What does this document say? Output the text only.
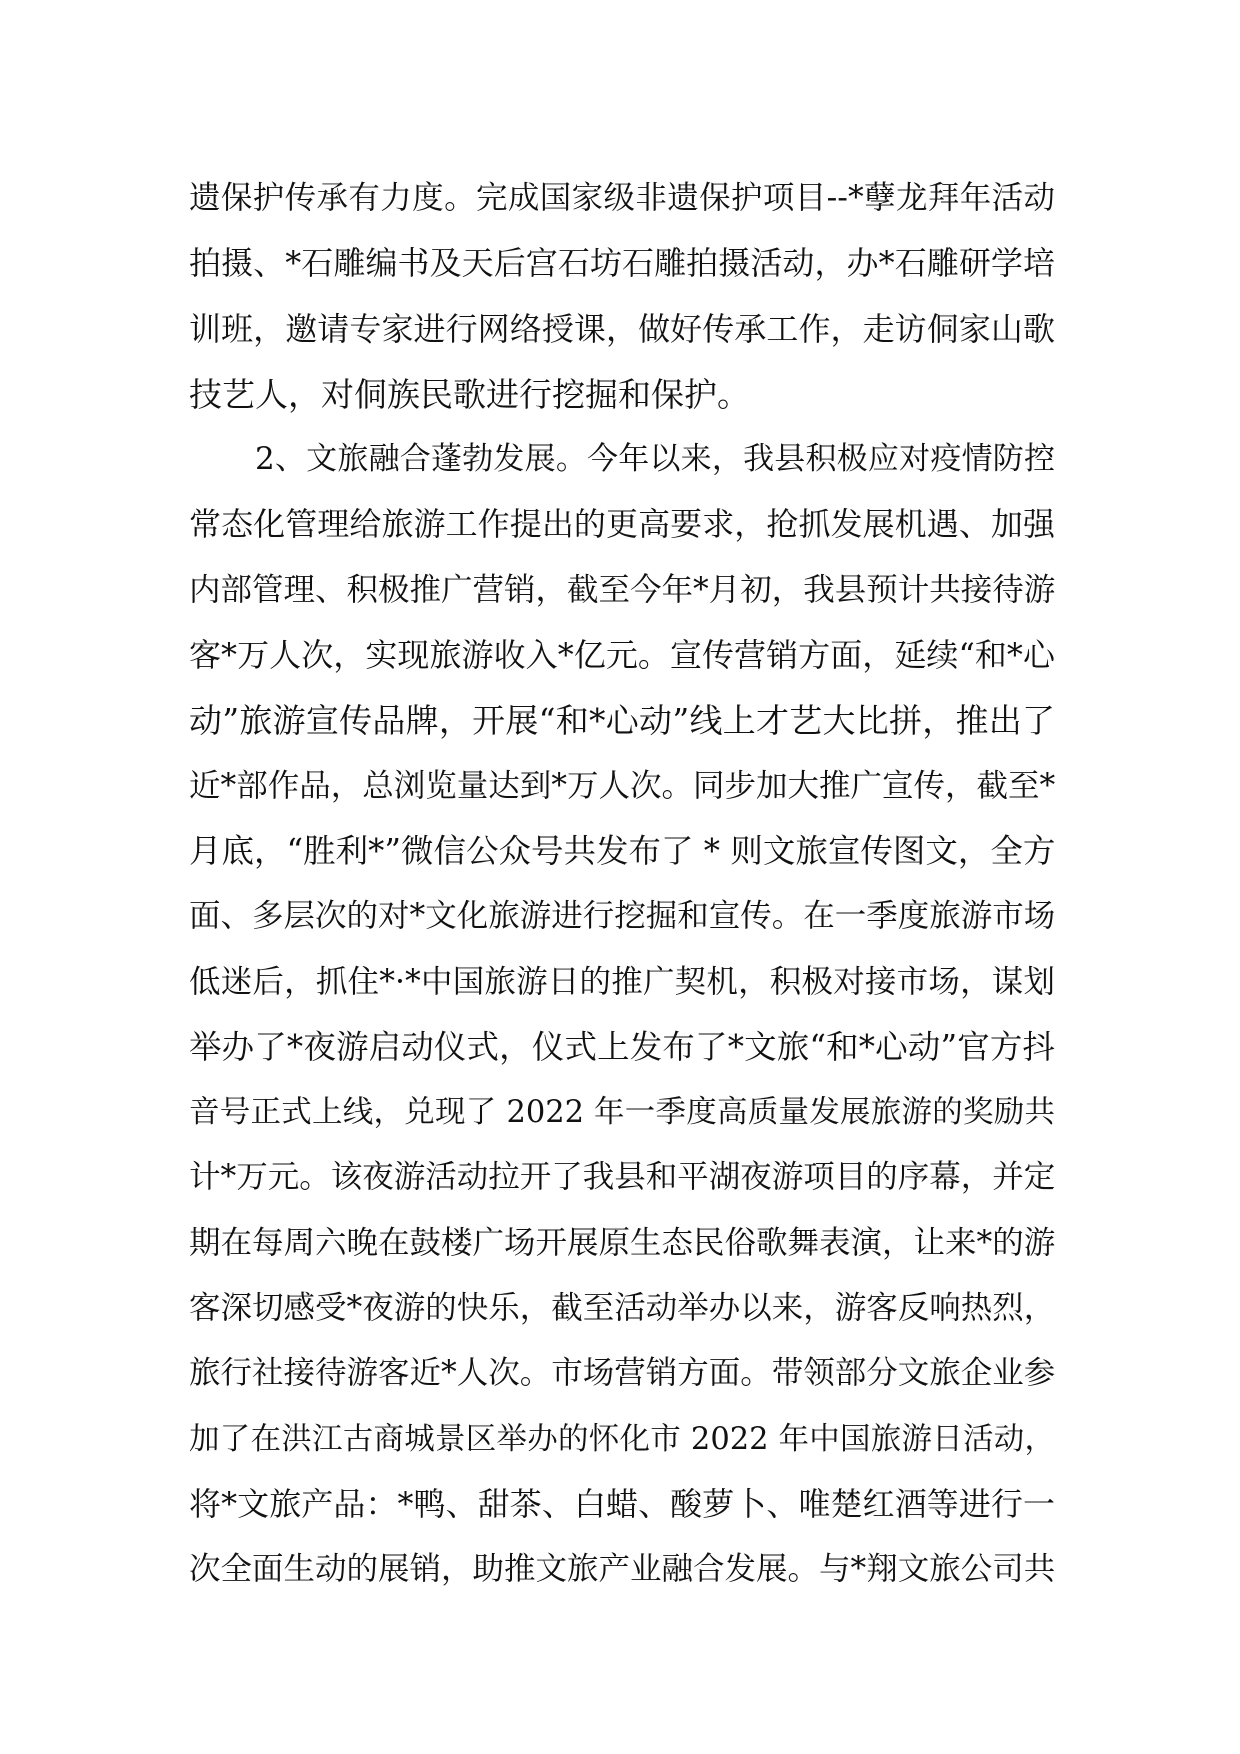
遗保护传承有力度。完成国家级非遗保护项目--*孽龙拜年活动
拍摄、*石雕编书及天后宫石坊石雕拍摄活动，办*石雕研学培
训班，邀请专家进行网络授课，做好传承工作，走访侗家山歌
技艺人，对侗族民歌进行挖掘和保护。
2、文旅融合蓬勃发展。今年以来，我县积极应对疫情防控
常态化管理给旅游工作提出的更高要求，抢抓发展机遇、加强
内部管理、积极推广营销，截至今年*月初，我县预计共接待游
客*万人次，实现旅游收入*亿元。宣传营销方面，延续“和*心
动”旅游宣传品牌，开展“和*心动”线上才艺大比拼，推出了
近*部作品，总浏览量达到*万人次。同步加大推广宣传，截至*
月底，“胜利*”微信公众号共发布了 * 则文旅宣传图文，全方
面、多层次的对*文化旅游进行挖掘和宣传。在一季度旅游市场
低迷后，抓住*·*中国旅游日的推广契机，积极对接市场，谋划
举办了*夜游启动仪式，仪式上发布了*文旅“和*心动”官方抖
音号正式上线，兑现了 2022 年一季度高质量发展旅游的奖励共
计*万元。该夜游活动拉开了我县和平湖夜游项目的序幕，并定
期在每周六晚在鼓楼广场开展原生态民俗歌舞表演，让来*的游
客深切感受*夜游的快乐，截至活动举办以来，游客反响热烈，
旅行社接待游客近*人次。市场营销方面。带领部分文旅企业参
加了在洪江古商城景区举办的怀化市 2022 年中国旅游日活动，
将*文旅产品：*鸭、甜茶、白蜡、酸萝卜、唯楚红酒等进行一
次全面生动的展销，助推文旅产业融合发展。与*翔文旅公司共
